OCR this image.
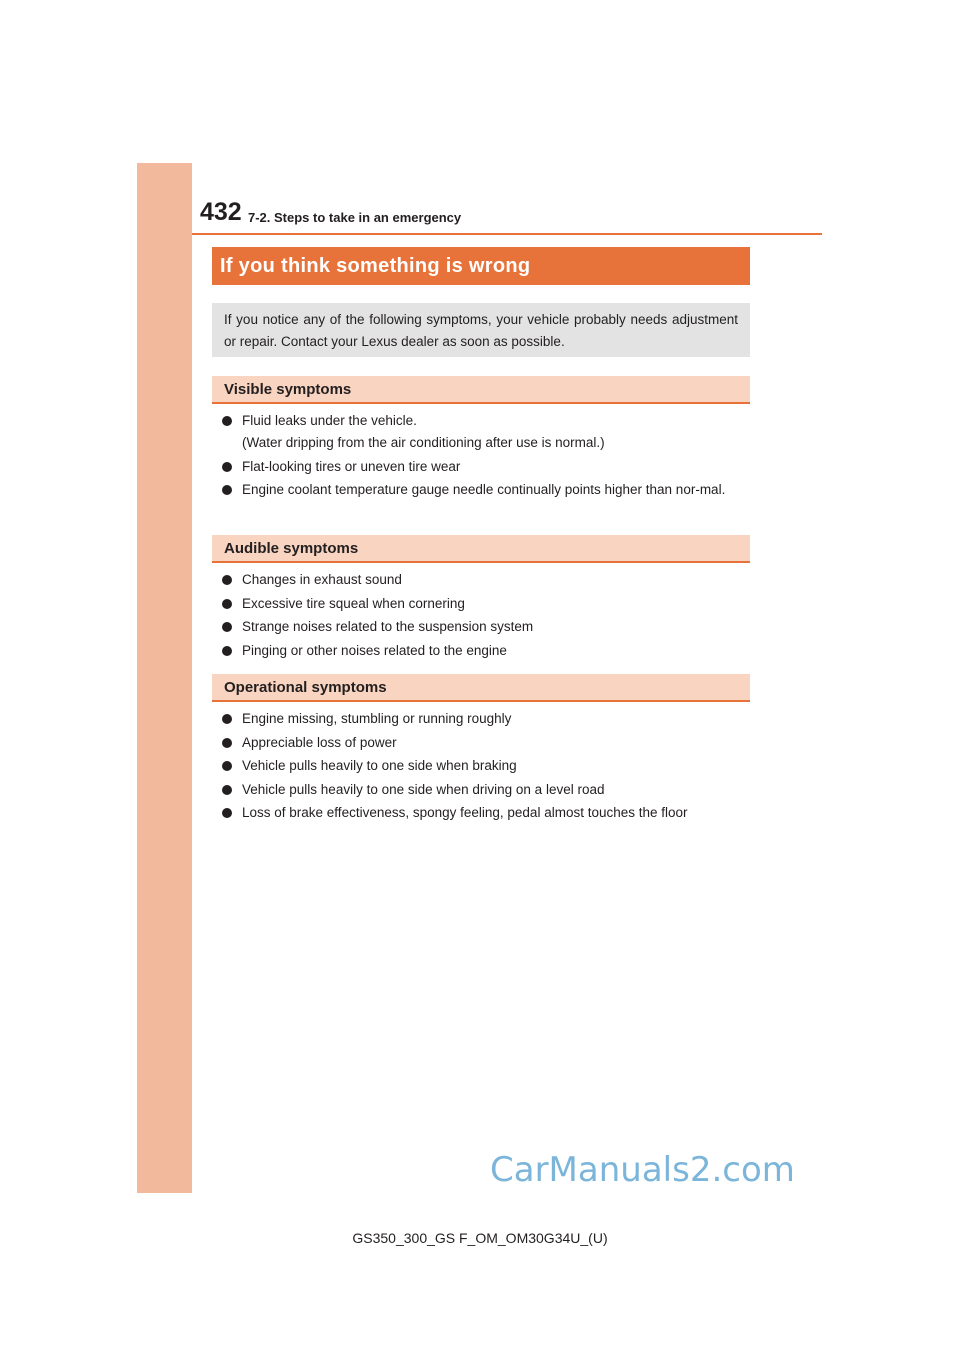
432 7-2. Steps to take in an emergency
If you think something is wrong
If you notice any of the following symptoms, your vehicle probably needs adjustment or repair. Contact your Lexus dealer as soon as possible.
Visible symptoms
Fluid leaks under the vehicle.
(Water dripping from the air conditioning after use is normal.)
Flat-looking tires or uneven tire wear
Engine coolant temperature gauge needle continually points higher than nor-mal.
Audible symptoms
Changes in exhaust sound
Excessive tire squeal when cornering
Strange noises related to the suspension system
Pinging or other noises related to the engine
Operational symptoms
Engine missing, stumbling or running roughly
Appreciable loss of power
Vehicle pulls heavily to one side when braking
Vehicle pulls heavily to one side when driving on a level road
Loss of brake effectiveness, spongy feeling, pedal almost touches the floor
CarManuals2.com
GS350_300_GS F_OM_OM30G34U_(U)
